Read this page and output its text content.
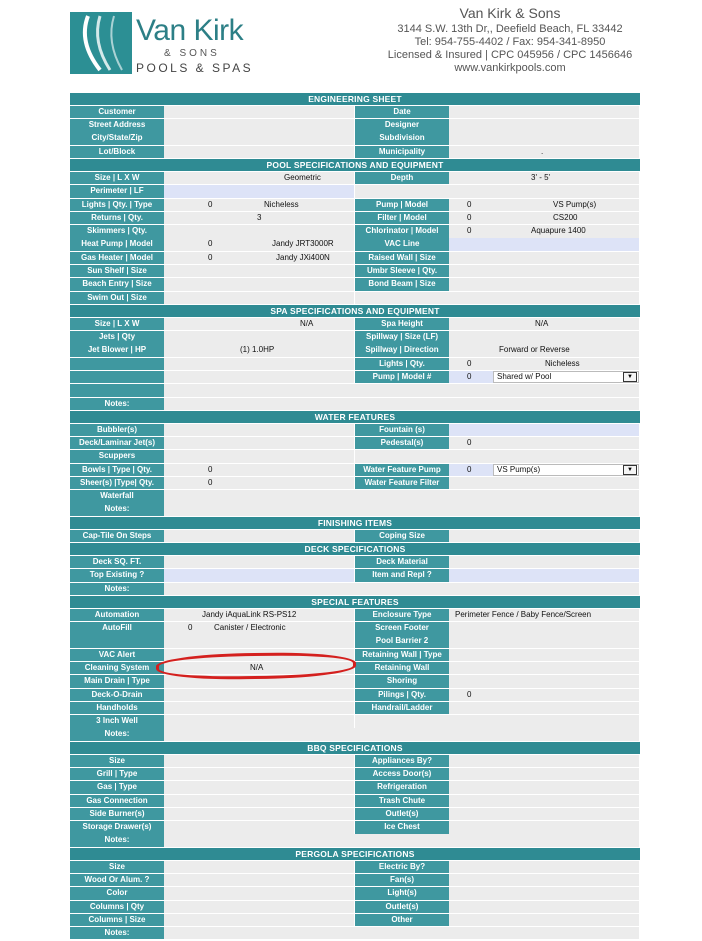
Van Kirk
& SONS
POOLS & SPAS
Van Kirk & Sons
3144 S.W. 13th Dr,, Deefield Beach, FL 33442
Tel: 954-755-4402 / Fax: 954-341-8950
Licensed & Insured | CPC 045956 / CPC 1456646
www.vankirkpools.com
ENGINEERING SHEET
Customer	Date
Street Address	Designer
City/State/Zip	Subdivision
Lot/Block	Municipality	.
POOL SPECIFICATIONS AND EQUIPMENT
Size | L X W	Geometric	Depth	3' - 5'
Perimeter | LF
Lights | Qty. | Type	0	Nicheless	Pump | Model	0	VS Pump(s)
Returns | Qty.	3	Filter | Model	0	CS200
Skimmers | Qty.	Chlorinator | Model	0	Aquapure 1400
Heat Pump | Model	0	Jandy JRT3000R	VAC Line
Gas Heater | Model	0	Jandy JXi400N	Raised Wall | Size
Sun Shelf | Size	Umbr Sleeve | Qty.
Beach Entry | Size	Bond Beam | Size
Swim Out | Size
SPA SPECIFICATIONS AND EQUIPMENT
Size | L X W	N/A	Spa Height	N/A
Jets | Qty	Spillway | Size (LF)
Jet Blower | HP	(1) 1.0HP	Spillway | Direction	Forward or Reverse
Lights | Qty.	0	Nicheless
Pump | Model #	0	Shared w/ Pool	▼
Notes:
WATER FEATURES
Bubbler(s)	Fountain (s)
Deck/Laminar Jet(s)	Pedestal(s)	0
Scuppers
Bowls | Type | Qty.	0	Water Feature Pump	0	VS Pump(s)	▼
Sheer(s) |Type| Qty.	0	Water Feature Filter
Waterfall
Notes:
FINISHING ITEMS
Cap-Tile On Steps	Coping Size
DECK SPECIFICATIONS
Deck SQ. FT.	Deck Material
Top Existing ?	Item and Repl ?
Notes:
SPECIAL FEATURES
Automation	Jandy iAquaLink RS-PS12	Enclosure Type	Perimeter Fence / Baby Fence/Screen
AutoFill	0	Canister / Electronic	Screen Footer
Pool Barrier 2
VAC Alert	Retaining Wall | Type
Cleaning System	N/A	Retaining Wall
Main Drain | Type	Shoring
Deck-O-Drain	Pilings | Qty.	0
Handholds	Handrail/Ladder
3 Inch Well
Notes:
BBQ SPECIFICATIONS
Size	Appliances By?
Grill | Type	Access Door(s)
Gas | Type	Refrigeration
Gas Connection	Trash Chute
Side Burner(s)	Outlet(s)
Storage Drawer(s)	Ice Chest
Notes:
PERGOLA SPECIFICATIONS
Size	Electric By?
Wood Or Alum. ?	Fan(s)
Color	Light(s)
Columns | Qty	Outlet(s)
Columns | Size	Other
Notes:
